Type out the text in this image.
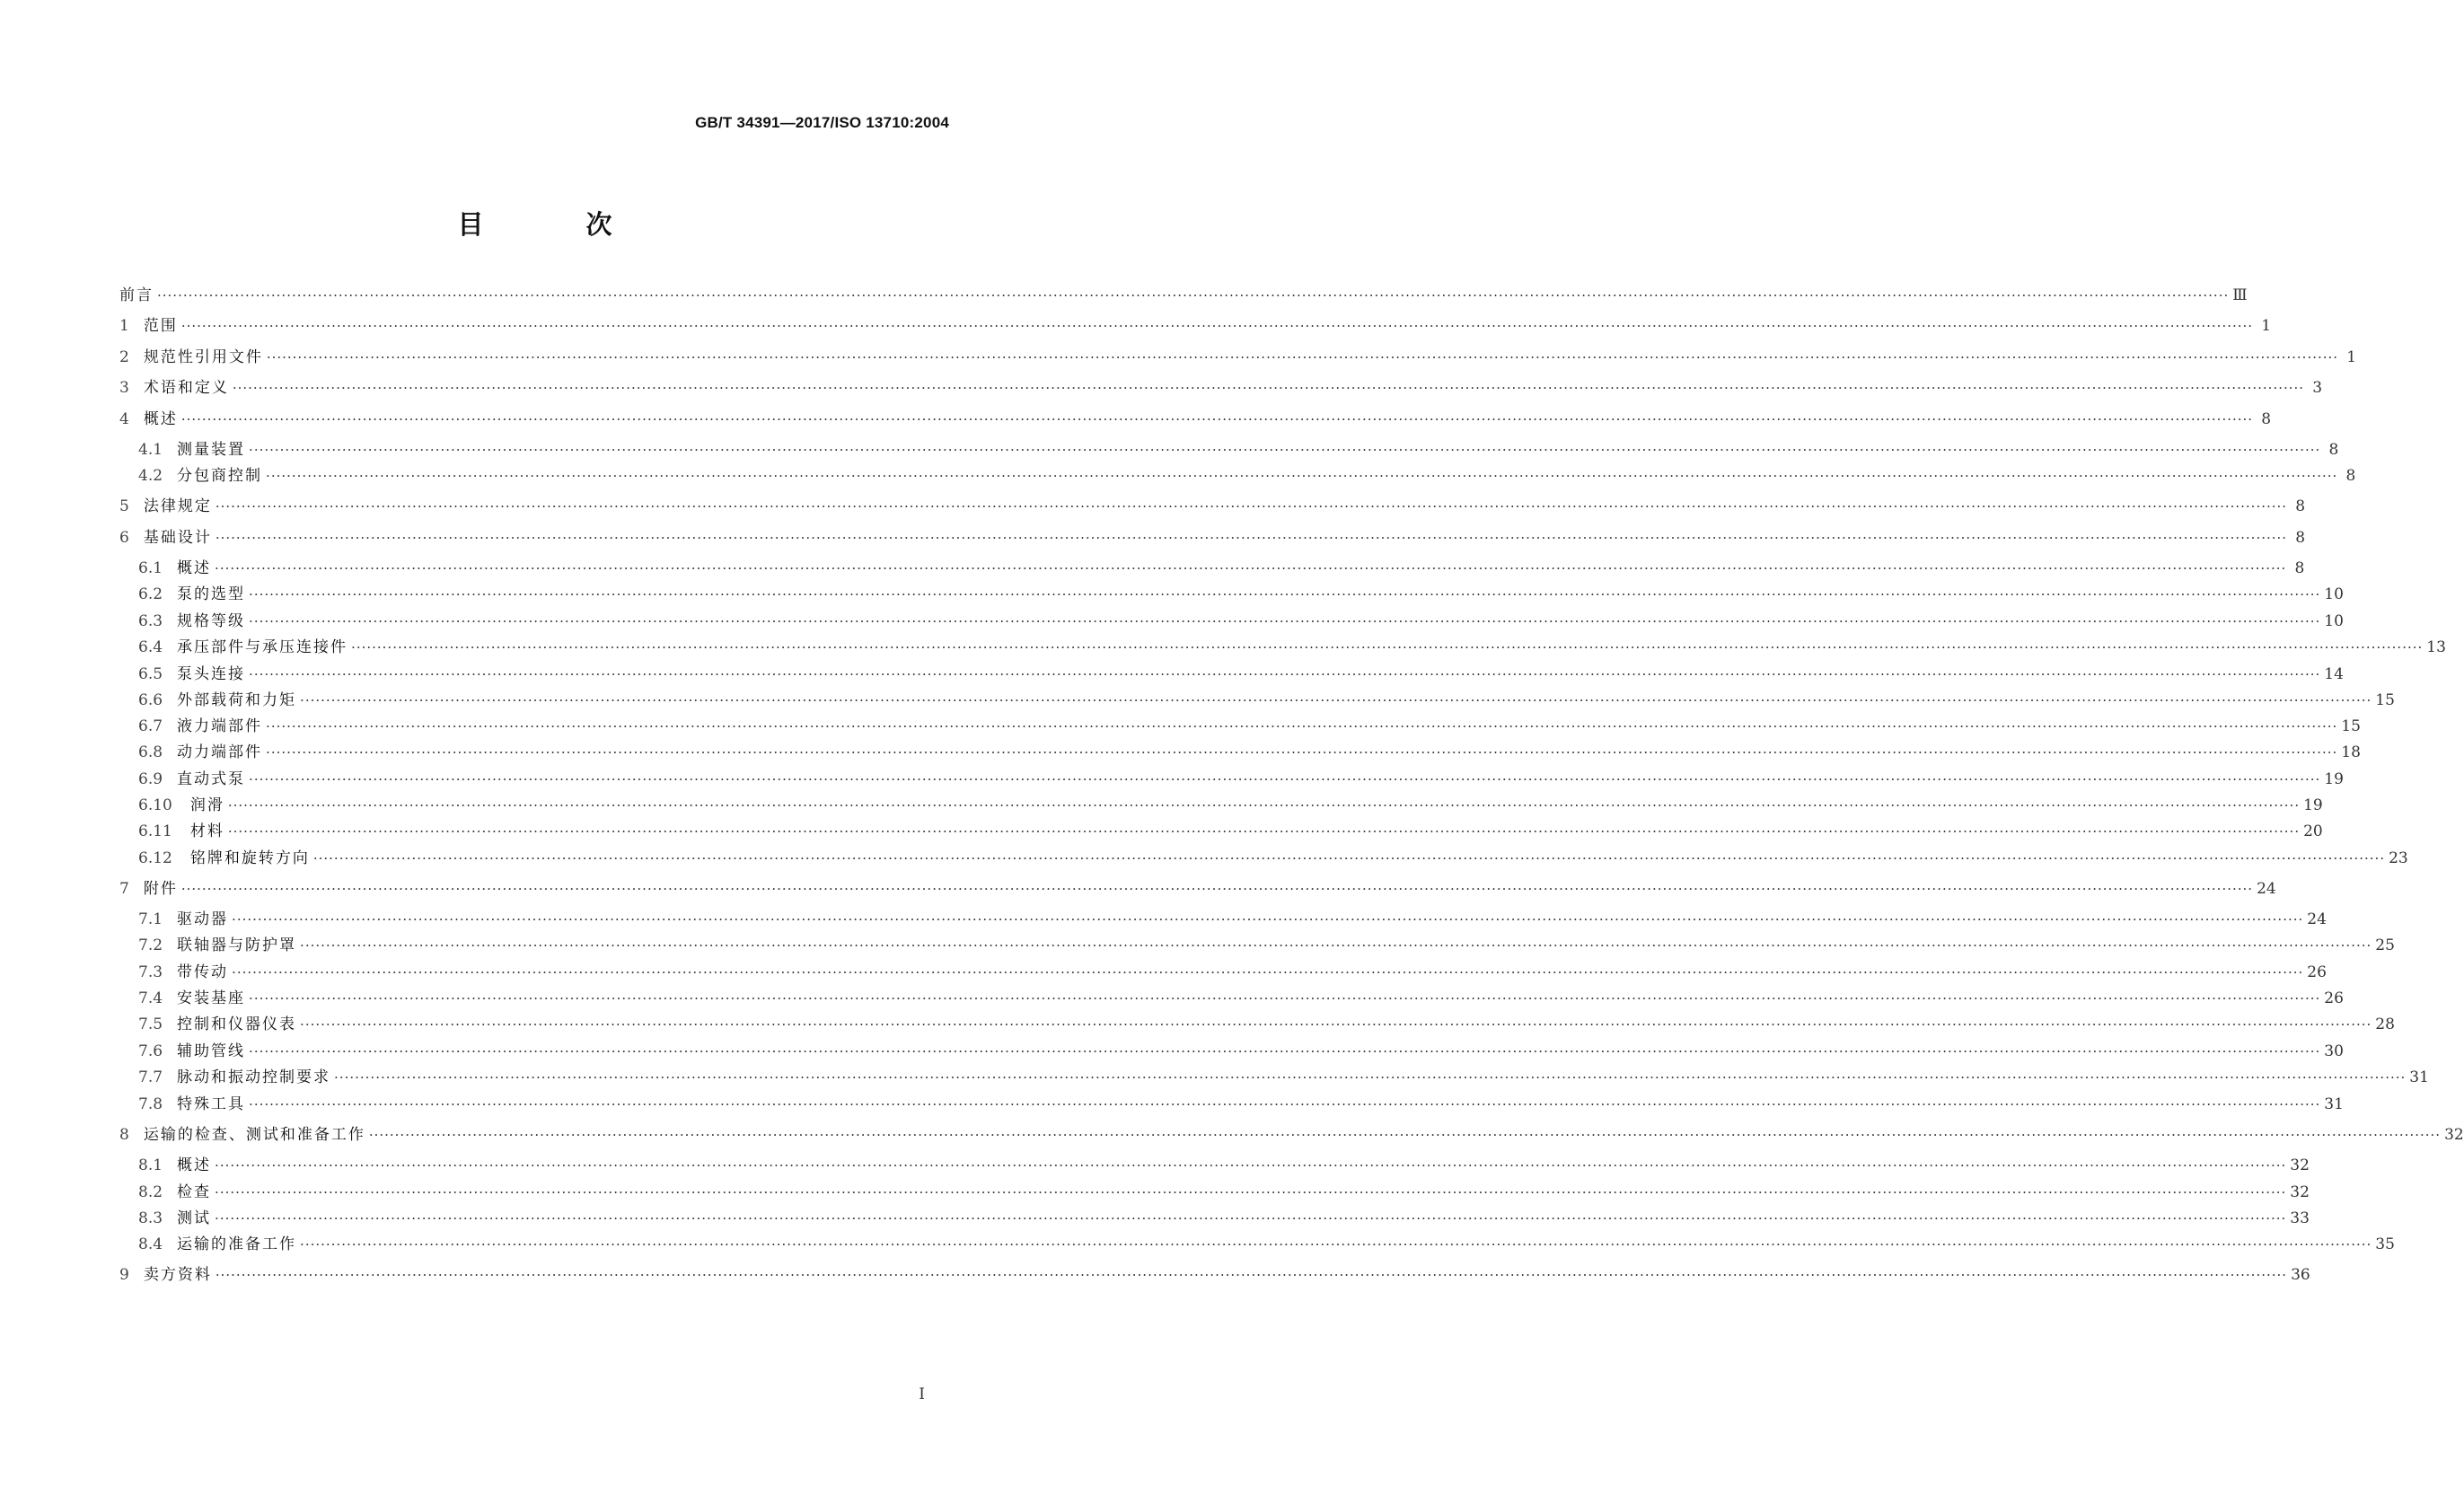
GB/T 34391—2017/ISO 13710:2004
目 次
前言 ················································································································································································································································································································································································································ Ⅲ
1 范围 ················································································································································································································································································································································································································ 1
2 规范性引用文件 ················································································································································································································································································································································································································ 1
3 术语和定义 ················································································································································································································································································································································································································ 3
4 概述 ················································································································································································································································································································································································································ 8
4.1 测量装置 ················································································································································································································································································································································································································ 8
4.2 分包商控制 ················································································································································································································································································································································································································ 8
5 法律规定 ················································································································································································································································································································································································································ 8
6 基础设计 ················································································································································································································································································································································································································ 8
6.1 概述 ················································································································································································································································································································································································································ 8
6.2 泵的选型 ················································································································································································································································································································································································································ 10
6.3 规格等级 ················································································································································································································································································································································································································ 10
6.4 承压部件与承压连接件 ················································································································································································································································································································································································································ 13
6.5 泵头连接 ················································································································································································································································································································································································································ 14
6.6 外部载荷和力矩 ················································································································································································································································································································································································································ 15
6.7 液力端部件 ················································································································································································································································································································································································································ 15
6.8 动力端部件 ················································································································································································································································································································································································································ 18
6.9 直动式泵 ················································································································································································································································································································································································································ 19
6.10 润滑 ················································································································································································································································································································································································································ 19
6.11 材料 ················································································································································································································································································································································································································ 20
6.12 铭牌和旋转方向 ················································································································································································································································································································································································································ 23
7 附件 ················································································································································································································································································································································································································ 24
7.1 驱动器 ················································································································································································································································································································································································································ 24
7.2 联轴器与防护罩 ················································································································································································································································································································································································································ 25
7.3 带传动 ················································································································································································································································································································································································································ 26
7.4 安装基座 ················································································································································································································································································································································································································ 26
7.5 控制和仪器仪表 ················································································································································································································································································································································································································ 28
7.6 辅助管线 ················································································································································································································································································································································································································ 30
7.7 脉动和振动控制要求 ················································································································································································································································································································································································································ 31
7.8 特殊工具 ················································································································································································································································································································································································································ 31
8 运输的检查、测试和准备工作 ················································································································································································································································································································································································································ 32
8.1 概述 ················································································································································································································································································································································································································ 32
8.2 检查 ················································································································································································································································································································································································································ 32
8.3 测试 ················································································································································································································································································································································································································ 33
8.4 运输的准备工作 ················································································································································································································································································································································································································ 35
9 卖方资料 ················································································································································································································································································································································································································ 36
I
